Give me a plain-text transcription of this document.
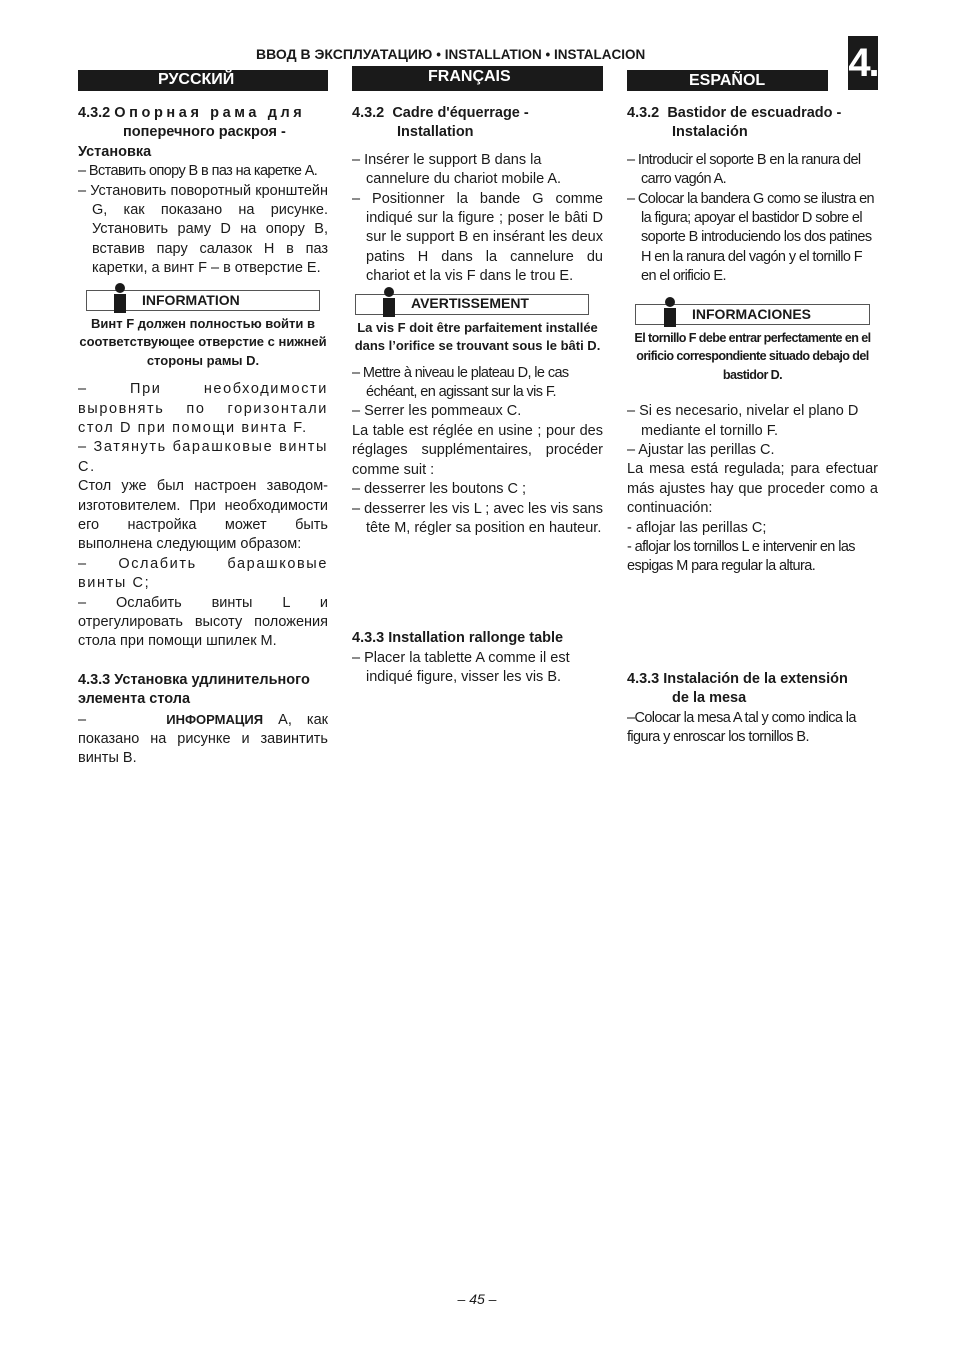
ВВОД В ЭКСПЛУАТАЦИЮ • INSTALLATION • INSTALACION	4.
РУССКИЙ	FRANÇAIS	ESPAÑOL

4.3.2 Опорная рама для

поперечного раскроя -

Установка

– Вставить опору B в паз на каретке A.

– Установить поворотный кронштейн G, как показано на рисунке. Установить раму D на опору B, вставив пару салазок H в паз каретки, а винт F – в отверстие E.

INFORMATION

Винт F должен полностью войти в соответствующее отверстие с нижней стороны рамы D.

– При необходимости выровнять по горизонтали стол D при помощи винта F.

– Затянуть барашковые винты C.

Стол уже был настроен заводом-изготовителем. При необходимости его настройка может быть выполнена следующим образом:

– Ослабить барашковые винты C;

– Ослабить винты L и отрегулировать высоту положения стола при помощи шпилек M.

4.3.3 Установка удлинительного элемента стола

–	ИНФОРМАЦИЯ A, как показано на рисунке и завинтить винты B.

4.3.2 Cadre d'équerrage -

Installation

– Insérer le support B dans la cannelure du chariot mobile A.

– Positionner la bande G comme indiqué sur la figure ; poser le bâti D sur le support B en insérant les deux patins H dans la cannelure du chariot et la vis F dans le trou E.

AVERTISSEMENT

La vis F doit être parfaitement installée dans l’orifice se trouvant sous le bâti D.

– Mettre à niveau le plateau D, le cas échéant, en agissant sur la vis F.

– Serrer les pommeaux C.

La table est réglée en usine ; pour des réglages supplémentaires, procéder comme suit :

– desserrer les boutons C ;

– desserrer les vis L ; avec les vis sans tête M, régler sa position en hauteur.

4.3.3 Installation rallonge table

– Placer la tablette A comme il est indiqué figure, visser les vis B.

4.3.2 Bastidor de escuadrado -

Instalación

– Introducir el soporte B en la ranura del carro vagón A.

– Colocar la bandera G como se ilustra en la figura; apoyar el bastidor D sobre el soporte B introduciendo los dos patines H en la ranura del vagón y el tornillo F en el orificio E.

INFORMACIONES

El tornillo F debe entrar perfectamente en el orificio correspondiente situado debajo del bastidor D.

– Si es necesario, nivelar el plano D mediante el tornillo F.

– Ajustar las perillas C.

La mesa está regulada; para efectuar más ajustes hay que proceder como a continuación:

- aflojar las perillas C;

- aflojar los tornillos L e intervenir en las espigas M para regular la altura.

4.3.3 Instalación de la extensión

de la mesa

–Colocar la mesa A tal y como indica la figura y enroscar los tornillos B.

– 45 –
